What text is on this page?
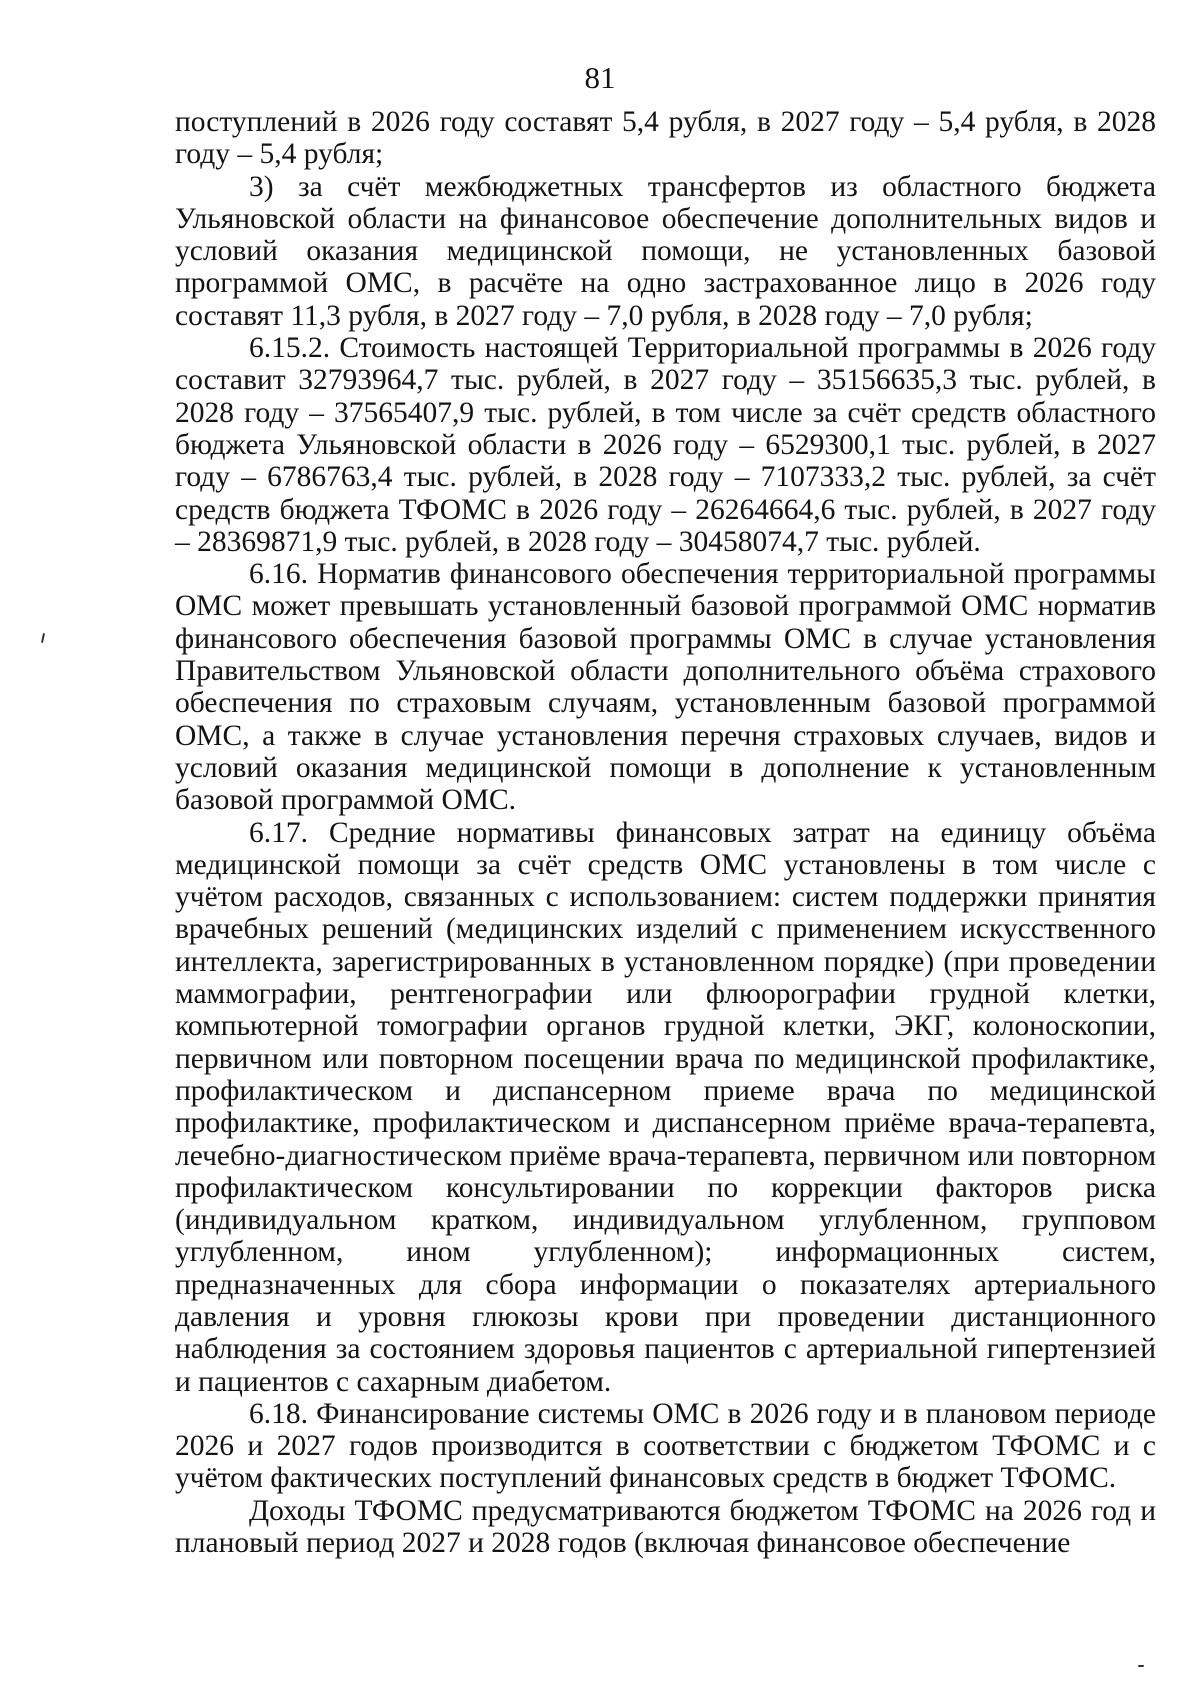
81

поступлений в 2026 году составят 5,4 рубля, в 2027 году – 5,4 рубля, в 2028 году – 5,4 рубля;

3) за счёт межбюджетных трансфертов из областного бюджета Ульяновской области на финансовое обеспечение дополнительных видов и условий оказания медицинской помощи, не установленных базовой программой ОМС, в расчёте на одно застрахованное лицо в 2026 году составят 11,3 рубля, в 2027 году – 7,0 рубля, в 2028 году – 7,0 рубля;

6.15.2. Стоимость настоящей Территориальной программы в 2026 году составит 32793964,7 тыс. рублей, в 2027 году – 35156635,3 тыс. рублей, в 2028 году – 37565407,9 тыс. рублей, в том числе за счёт средств областного бюджета Ульяновской области в 2026 году – 6529300,1 тыс. рублей, в 2027 году – 6786763,4 тыс. рублей, в 2028 году – 7107333,2 тыс. рублей, за счёт средств бюджета ТФОМС в 2026 году – 26264664,6 тыс. рублей, в 2027 году – 28369871,9 тыс. рублей, в 2028 году – 30458074,7 тыс. рублей.

6.16. Норматив финансового обеспечения территориальной программы ОМС может превышать установленный базовой программой ОМС норматив финансового обеспечения базовой программы ОМС в случае установления Правительством Ульяновской области дополнительного объёма страхового обеспечения по страховым случаям, установленным базовой программой ОМС, а также в случае установления перечня страховых случаев, видов и условий оказания медицинской помощи в дополнение к установленным базовой программой ОМС.

6.17. Средние нормативы финансовых затрат на единицу объёма медицинской помощи за счёт средств ОМС установлены в том числе с учётом расходов, связанных с использованием: систем поддержки принятия врачебных решений (медицинских изделий с применением искусственного интеллекта, зарегистрированных в установленном порядке) (при проведении маммографии, рентгенографии или флюорографии грудной клетки, компьютерной томографии органов грудной клетки, ЭКГ, колоноскопии, первичном или повторном посещении врача по медицинской профилактике, профилактическом и диспансерном приеме врача по медицинской профилактике, профилактическом и диспансерном приёме врача-терапевта, лечебно-диагностическом приёме врача-терапевта, первичном или повторном профилактическом консультировании по коррекции факторов риска (индивидуальном кратком, индивидуальном углубленном, групповом углубленном, ином углубленном); информационных систем, предназначенных для сбора информации о показателях артериального давления и уровня глюкозы крови при проведении дистанционного наблюдения за состоянием здоровья пациентов с артериальной гипертензией и пациентов с сахарным диабетом.

6.18. Финансирование системы ОМС в 2026 году и в плановом периоде 2026 и 2027 годов производится в соответствии с бюджетом ТФОМС и с учётом фактических поступлений финансовых средств в бюджет ТФОМС.

Доходы ТФОМС предусматриваются бюджетом ТФОМС на 2026 год и плановый период 2027 и 2028 годов (включая финансовое обеспечение
